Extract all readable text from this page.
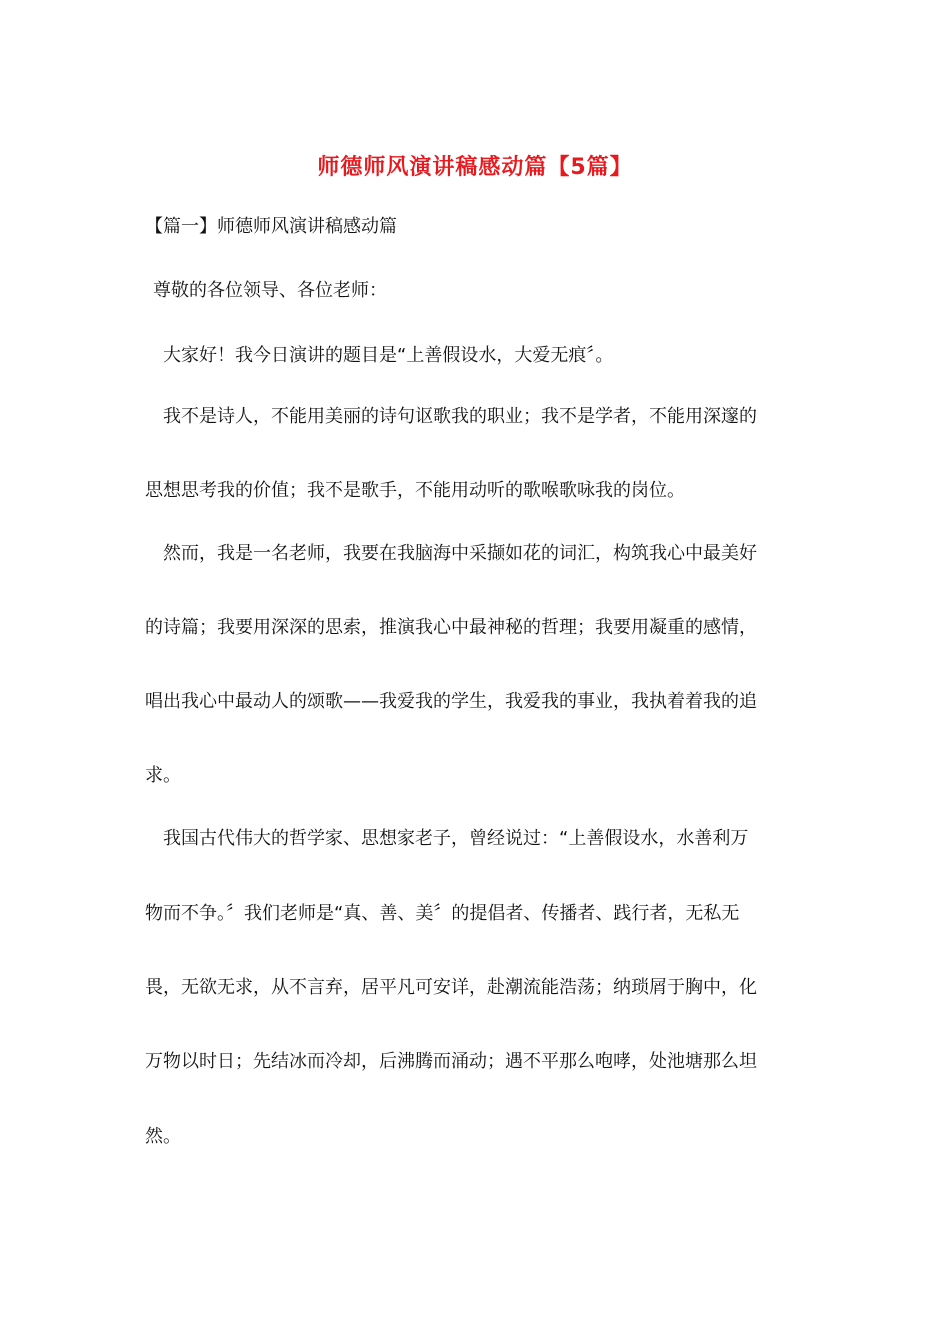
师德师风演讲稿感动篇【5篇】
【篇一】师德师风演讲稿感动篇
尊敬的各位领导、各位老师：
大家好！我今日演讲的题目是“上善假设水，大爱无痕〞。
我不是诗人，不能用美丽的诗句讴歌我的职业；我不是学者，不能用深邃的
思想思考我的价值；我不是歌手，不能用动听的歌喉歌咏我的岗位。
然而，我是一名老师，我要在我脑海中采撷如花的词汇，构筑我心中最美好
的诗篇；我要用深深的思索，推演我心中最神秘的哲理；我要用凝重的感情，
唱出我心中最动人的颂歌——我爱我的学生，我爱我的事业，我执着着我的追
求。
我国古代伟大的哲学家、思想家老子，曾经说过：“上善假设水，水善利万
物而不争。〞我们老师是“真、善、美〞的提倡者、传播者、践行者，无私无
畏，无欲无求，从不言弃，居平凡可安详，赴潮流能浩荡；纳琐屑于胸中，化
万物以时日；先结冰而冷却，后沸腾而涌动；遇不平那么咆哮，处池塘那么坦
然。
